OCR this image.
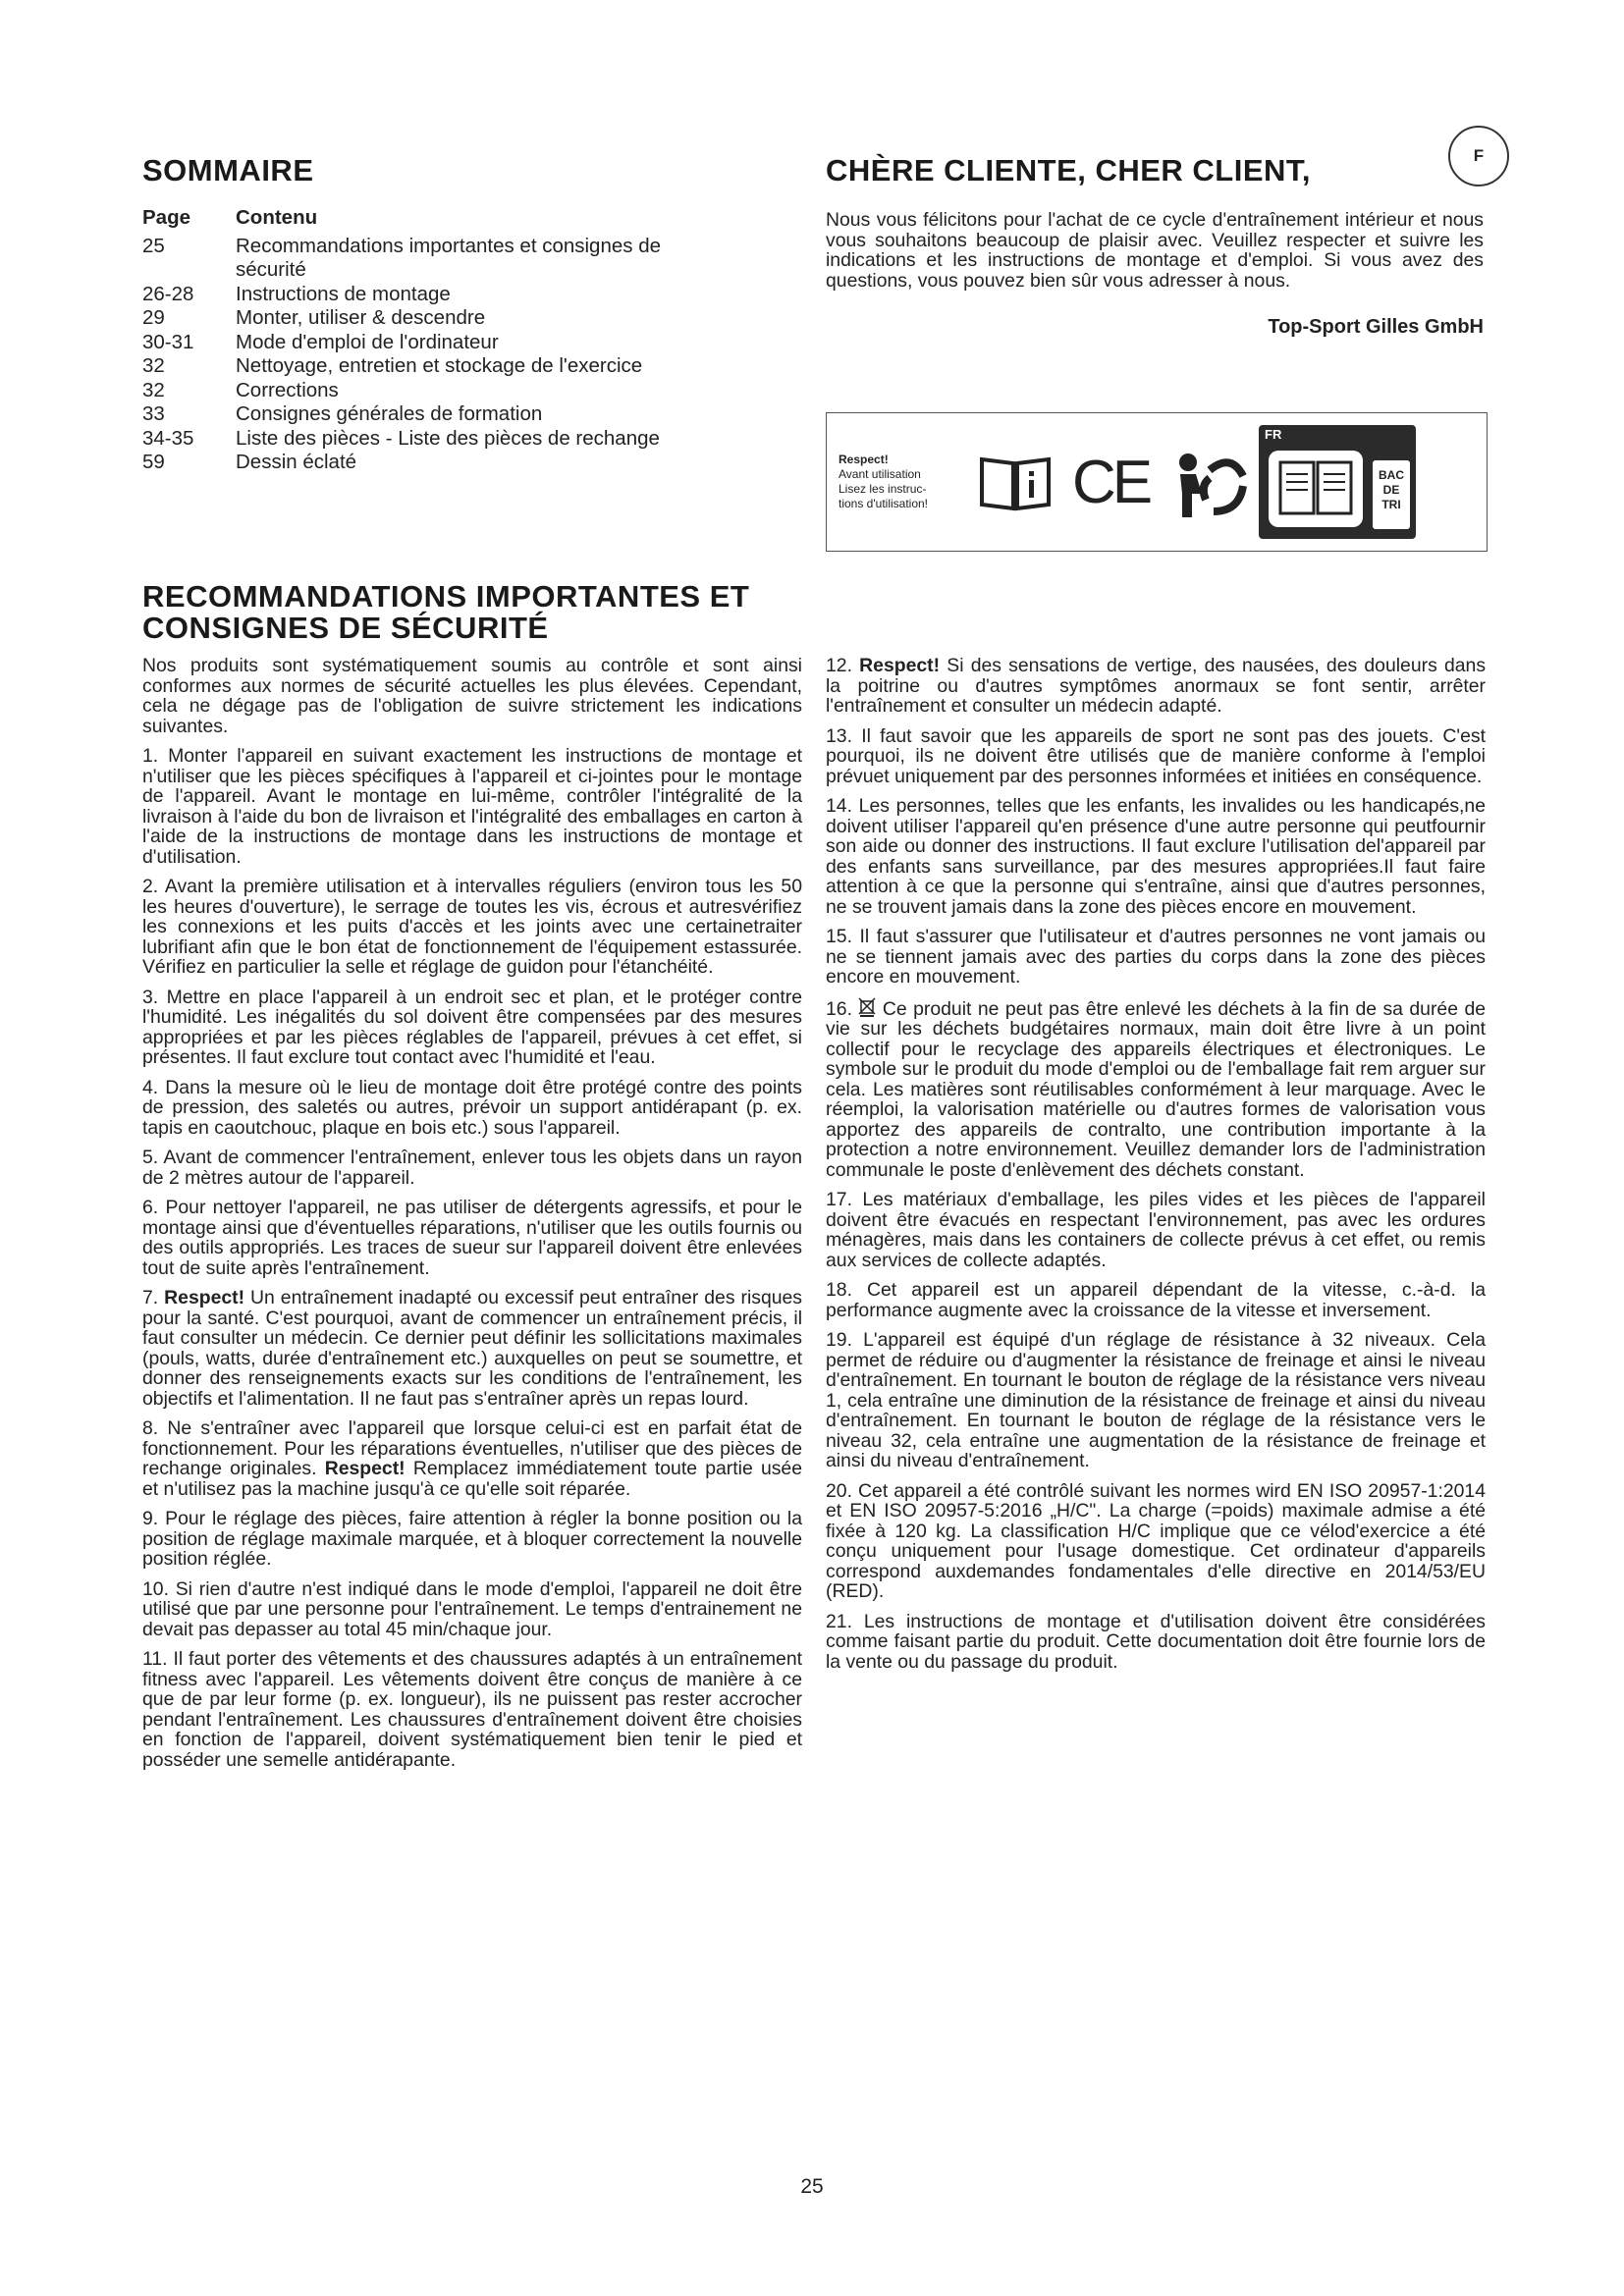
SOMMAIRE
Page	Contenu
25	Recommandations importantes et consignes de sécurité
26-28	Instructions de montage
29	Monter, utiliser & descendre
30-31	Mode d'emploi de l'ordinateur
32	Nettoyage, entretien et stockage de l'exercice
32	Corrections
33	Consignes générales de formation
34-35	Liste des pièces - Liste des pièces de rechange
59	Dessin éclaté
CHÈRE CLIENTE, CHER CLIENT,	F
Nous vous félicitons pour l'achat de ce cycle d'entraînement intérieur et nous vous souhaitons beaucoup de plaisir avec. Veuillez respecter et suivre les indications et les instructions de montage et d'emploi. Si vous avez des questions, vous pouvez bien sûr vous adresser à nous.
Top-Sport Gilles GmbH
Respect!
Avant utilisation
Lisez les instruc-
tions d'utilisation!	CE
FR
BAC
DE
TRI
RECOMMANDATIONS IMPORTANTES ET
CONSIGNES DE SÉCURITÉ

Nos produits sont systématiquement soumis au contrôle et sont ainsi conformes aux normes de sécurité actuelles les plus élevées. Cependant, cela ne dégage pas de l'obligation de suivre strictement les indications suivantes.

1. Monter l'appareil en suivant exactement les instructions de montage et n'utiliser que les pièces spécifiques à l'appareil et ci-jointes pour le montage de l'appareil. Avant le montage en lui-même, contrôler l'intégralité de la livraison à l'aide du bon de livraison et l'intégralité des emballages en carton à l'aide de la instructions de montage dans les instructions de montage et d'utilisation.

2. Avant la première utilisation et à intervalles réguliers (environ tous les 50 les heures d'ouverture), le serrage de toutes les vis, écrous et autresvérifiez les connexions et les puits d'accès et les joints avec une certainetraiter lubrifiant afin que le bon état de fonctionnement de l'équipement estassurée. Vérifiez en particulier la selle et réglage de guidon pour l'étanchéité.

3. Mettre en place l'appareil à un endroit sec et plan, et le protéger contre l'humidité. Les inégalités du sol doivent être compensées par des mesures appropriées et par les pièces réglables de l'appareil, prévues à cet effet, si présentes. Il faut exclure tout contact avec l'humidité et l'eau.

4. Dans la mesure où le lieu de montage doit être protégé contre des points de pression, des saletés ou autres, prévoir un support antidérapant (p. ex. tapis en caoutchouc, plaque en bois etc.) sous l'appareil.

5. Avant de commencer l'entraînement, enlever tous les objets dans un rayon de 2 mètres autour de l'appareil.

6. Pour nettoyer l'appareil, ne pas utiliser de détergents agressifs, et pour le montage ainsi que d'éventuelles réparations, n'utiliser que les outils fournis ou des outils appropriés. Les traces de sueur sur l'appareil doivent être enlevées tout de suite après l'entraînement.

7. Respect! Un entraînement inadapté ou excessif peut entraîner des risques pour la santé. C'est pourquoi, avant de commencer un entraînement précis, il faut consulter un médecin. Ce dernier peut définir les sollicitations maximales (pouls, watts, durée d'entraînement etc.) auxquelles on peut se soumettre, et donner des renseignements exacts sur les conditions de l'entraînement, les objectifs et l'alimentation. Il ne faut pas s'entraîner après un repas lourd.

8. Ne s'entraîner avec l'appareil que lorsque celui-ci est en parfait état de fonctionnement. Pour les réparations éventuelles, n'utiliser que des pièces de rechange originales. Respect! Remplacez immédiatement toute partie usée et n'utilisez pas la machine jusqu'à ce qu'elle soit réparée.

9. Pour le réglage des pièces, faire attention à régler la bonne position ou la position de réglage maximale marquée, et à bloquer correctement la nouvelle position réglée.

10. Si rien d'autre n'est indiqué dans le mode d'emploi, l'appareil ne doit être utilisé que par une personne pour l'entraînement. Le temps d'entrainement ne devait pas depasser au total 45 min/chaque jour.

11. Il faut porter des vêtements et des chaussures adaptés à un entraînement fitness avec l'appareil. Les vêtements doivent être conçus de manière à ce que de par leur forme (p. ex. longueur), ils ne puissent pas rester accrocher pendant l'entraînement. Les chaussures d'entraînement doivent être choisies en fonction de l'appareil, doivent systématiquement bien tenir le pied et posséder une semelle antidérapante.

12. Respect! Si des sensations de vertige, des nausées, des douleurs dans la poitrine ou d'autres symptômes anormaux se font sentir, arrêter l'entraînement et consulter un médecin adapté.

13. Il faut savoir que les appareils de sport ne sont pas des jouets. C'est pourquoi, ils ne doivent être utilisés que de manière conforme à l'emploi prévuet uniquement par des personnes informées et initiées en conséquence.

14. Les personnes, telles que les enfants, les invalides ou les handicapés,ne doivent utiliser l'appareil qu'en présence d'une autre personne qui peutfournir son aide ou donner des instructions. Il faut exclure l'utilisation del'appareil par des enfants sans surveillance, par des mesures appropriées.Il faut faire attention à ce que la personne qui s'entraîne, ainsi que d'autres personnes, ne se trouvent jamais dans la zone des pièces encore en mouvement.

15. Il faut s'assurer que l'utilisateur et d'autres personnes ne vont jamais ou ne se tiennent jamais avec des parties du corps dans la zone des pièces encore en mouvement.

16. Ce produit ne peut pas être enlevé les déchets à la fin de sa durée de vie sur les déchets budgétaires normaux, main doit être livre à un point collectif pour le recyclage des appareils électriques et électroniques. Le symbole sur le produit du mode d'emploi ou de l'emballage fait rem arguer sur cela. Les matières sont réutilisables conformément à leur marquage. Avec le réemploi, la valorisation matérielle ou d'autres formes de valorisation vous apportez des appareils de contralto, une contribution importante à la protection a notre environnement. Veuillez demander lors de l'administration communale le poste d'enlèvement des déchets constant.

17. Les matériaux d'emballage, les piles vides et les pièces de l'appareil doivent être évacués en respectant l'environnement, pas avec les ordures ménagères, mais dans les containers de collecte prévus à cet effet, ou remis aux services de collecte adaptés.

18. Cet appareil est un appareil dépendant de la vitesse, c.-à-d. la performance augmente avec la croissance de la vitesse et inversement.

19. L'appareil est équipé d'un réglage de résistance à 32 niveaux. Cela permet de réduire ou d'augmenter la résistance de freinage et ainsi le niveau d'entraînement. En tournant le bouton de réglage de la résistance vers niveau 1, cela entraîne une diminution de la résistance de freinage et ainsi du niveau d'entraînement. En tournant le bouton de réglage de la résistance vers le niveau 32, cela entraîne une augmentation de la résistance de freinage et ainsi du niveau d'entraînement.

20. Cet appareil a été contrôlé suivant les normes wird EN ISO 20957-1:2014 et EN ISO 20957-5:2016 „H/C". La charge (=poids) maximale admise a été fixée à 120 kg. La classification H/C implique que ce vélod'exercice a été conçu uniquement pour l'usage domestique. Cet ordinateur d'appareils correspond auxdemandes fondamentales d'elle directive en 2014/53/EU (RED).

21. Les instructions de montage et d'utilisation doivent être considérées comme faisant partie du produit. Cette documentation doit être fournie lors de la vente ou du passage du produit.

25
